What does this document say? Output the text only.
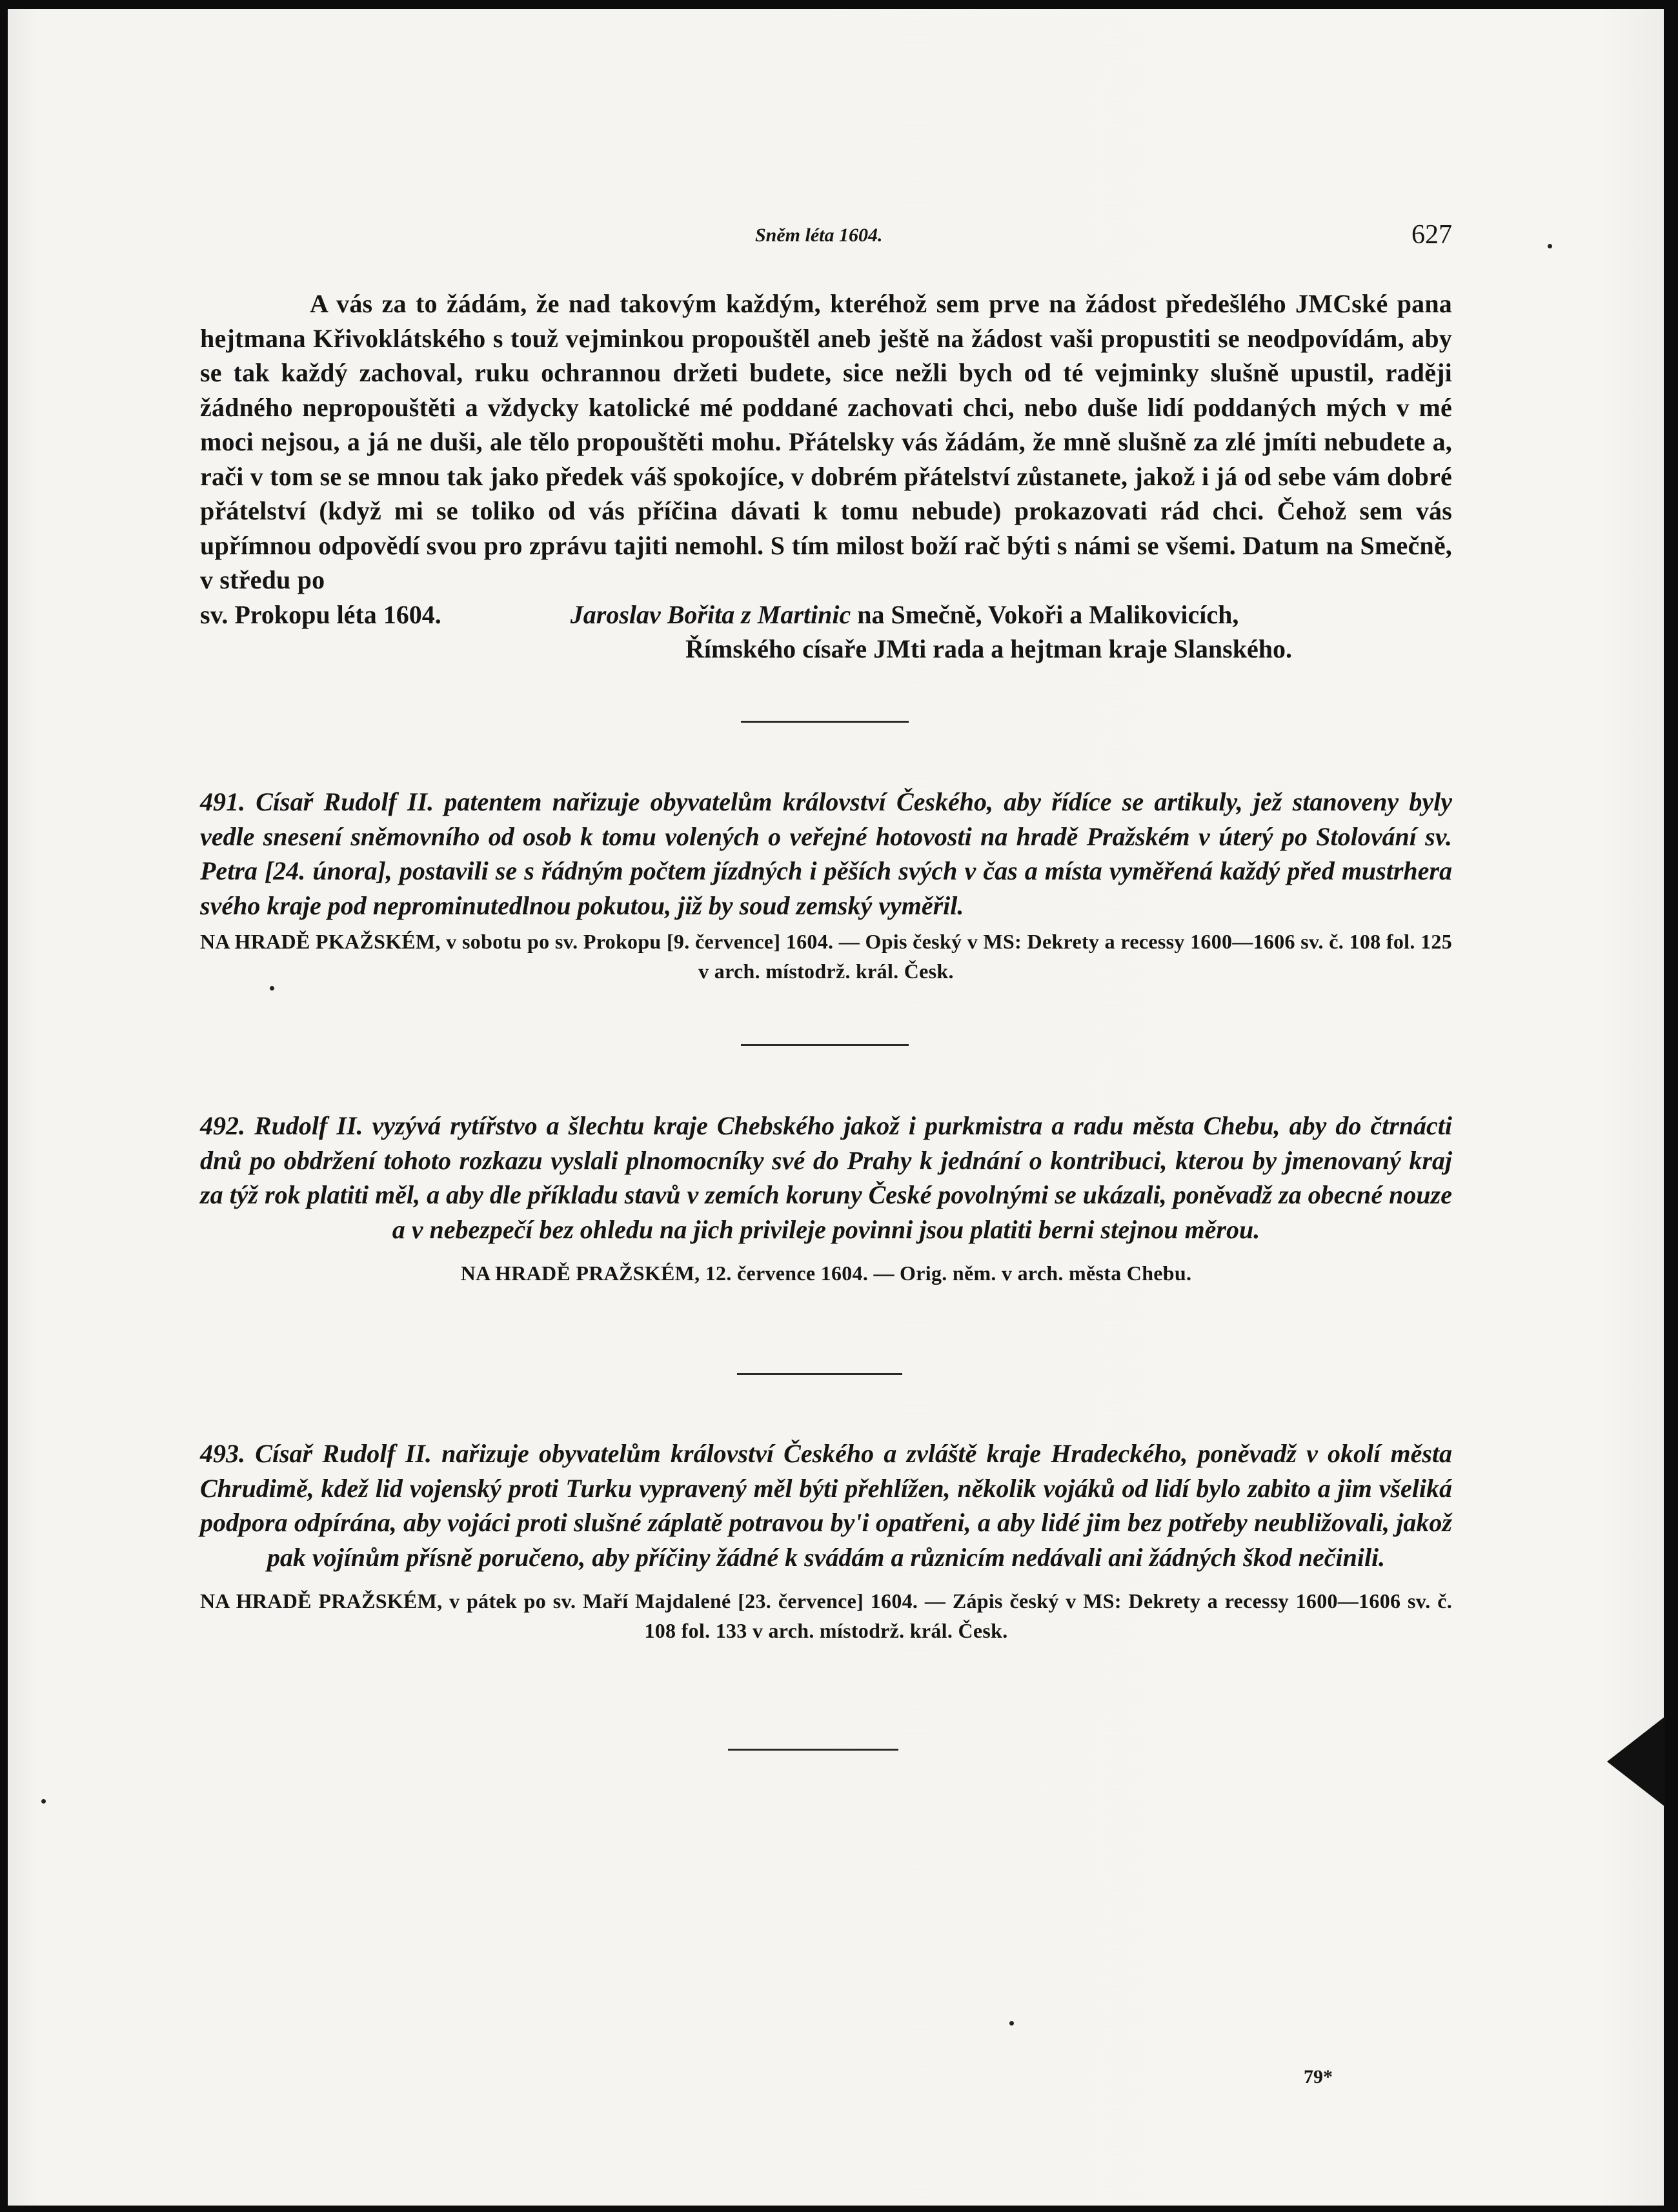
Sněm léta 1604.	627

A vás za to žádám, že nad takovým každým, kteréhož sem prve na žádost předešlého JMCské pana hejtmana Křivoklátského s touž vejminkou propouštěl aneb ještě na žádost vaši propustiti se neodpovídám, aby se tak každý zachoval, ruku ochrannou držeti budete, sice nežli bych od té vejminky slušně upustil, raději žádného nepropouštěti a vždycky katolické mé poddané zachovati chci, nebo duše lidí poddaných mých v mé moci nejsou, a já ne duši, ale tělo propouštěti mohu. Přátelsky vás žádám, že mně slušně za zlé jmíti nebudete a, rači v tom se se mnou tak jako předek váš spokojíce, v dobrém přátelství zůstanete, jakož i já od sebe vám dobré přátelství (když mi se toliko od vás příčina dávati k tomu nebude) prokazovati rád chci. Čehož sem vás upřímnou odpovědí svou pro zprávu tajiti nemohl. S tím milost boží rač býti s námi se všemi. Datum na Smečně, v středu po

sv. Prokopu léta 1604.	Jaroslav Bořita z Martinic na Smečně, Vokoři a Malikovicích,

Římského císaře JMti rada a hejtman kraje Slanského.

491. Císař Rudolf II. patentem nařizuje obyvatelům království Českého, aby řídíce se artikuly, jež stanoveny byly vedle snesení sněmovního od osob k tomu volených o veřejné hotovosti na hradě Pražském v úterý po Stolování sv. Petra [24. února], postavili se s řádným počtem jízdných i pěších svých v čas a místa vyměřená každý před mustrhera svého kraje pod neprominutedlnou pokutou, již by soud zemský vyměřil.

NA HRADĚ PKAŽSKÉM, v sobotu po sv. Prokopu [9. července] 1604. — Opis český v MS: Dekrety a recessy 1600—1606 sv. č. 108 fol. 125 v arch. místodrž. král. Česk.

492. Rudolf II. vyzývá rytířstvo a šlechtu kraje Chebského jakož i purkmistra a radu města Chebu, aby do čtrnácti dnů po obdržení tohoto rozkazu vyslali plnomocníky své do Prahy k jednání o kontribuci, kterou by jmenovaný kraj za týž rok platiti měl, a aby dle příkladu stavů v zemích koruny České povolnými se ukázali, poněvadž za obecné nouze a v nebezpečí bez ohledu na jich privileje povinni jsou platiti berni stejnou měrou.

NA HRADĚ PRAŽSKÉM, 12. července 1604. — Orig. něm. v arch. města Chebu.

493. Císař Rudolf II. nařizuje obyvatelům království Českého a zvláště kraje Hradeckého, poněvadž v okolí města Chrudimě, kdež lid vojenský proti Turku vypravený měl býti přehlížen, několik vojáků od lidí bylo zabito a jim všeliká podpora odpírána, aby vojáci proti slušné záplatě potravou by'i opatřeni, a aby lidé jim bez potřeby neubližovali, jakož pak vojínům přísně poručeno, aby příčiny žádné k svádám a různicím nedávali ani žádných škod nečinili.

NA HRADĚ PRAŽSKÉM, v pátek po sv. Maří Majdalené [23. července] 1604. — Zápis český v MS: Dekrety a recessy 1600—1606 sv. č. 108 fol. 133 v arch. místodrž. král. Česk.

79*
